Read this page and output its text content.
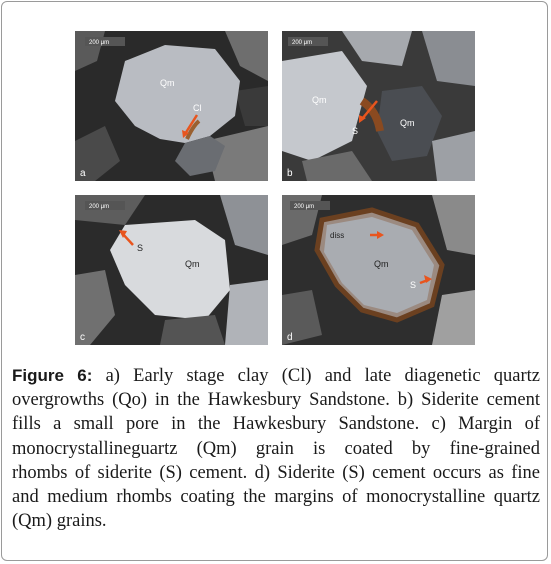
200 μm
Qm
Cl
a
200 μm
Qm
Qm
S
b
200 μm
S
Qm
c
200 μm
diss
Qm
S
d
Figure 6: a) Early stage clay (Cl) and late diagenetic quartz
overgrowths (Qo) in the Hawkesbury Sandstone. b) Siderite cement
fills a small pore in the Hawkesbury Sandstone. c) Margin of
monocrystallineguartz (Qm) grain is coated by fine-grained
rhombs of siderite (S) cement. d) Siderite (S) cement occurs as fine
and medium rhombs coating the margins of monocrystalline quartz
(Qm) grains.
